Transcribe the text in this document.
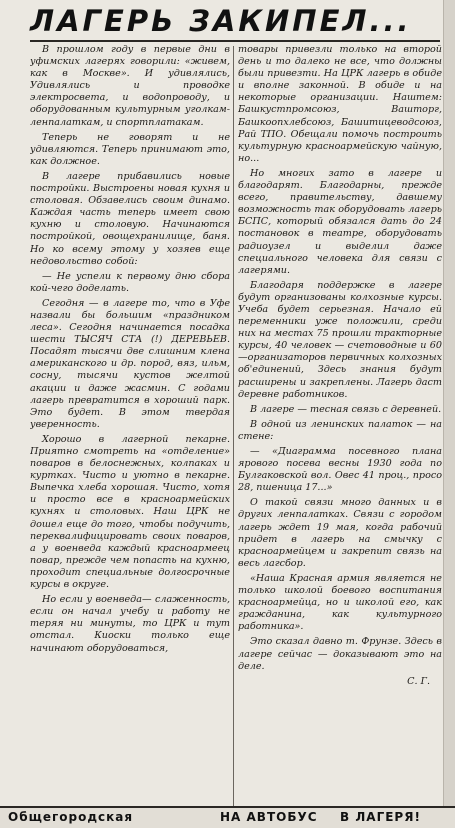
ЛАГЕРЬ ЗАКИПЕЛ...

В прошлом году в первые дни в уфимских лагерях говорили: «живем, как в Москве». И удивлялись, Удивлялись и проводке электросвета, и водопроводу, и оборудованным культурным уголкам-ленпалаткам, и спортплатакам.

Теперь не говорят и не удивляются. Теперь принимают это, как должное.

В лагере прибавились новые постройки. Выстроены новая кухня и столовая. Обзавелись своим динамо. Каждая часть теперь имеет свою кухню и столовую. Начинаются постройкой, овощехранилище, баня. Но ко всему этому у хозяев еще недовольство собой:

— Не успели к первому дню сбора кой-чего доделать.

Сегодня — в лагере то, что в Уфе назвали бы большим «праздником леса». Сегодня начинается посадка шести ТЫСЯЧ СТА (!) ДЕРЕВЬЕВ. Посадят тысячи две слишним клена американского и др. пород, вяз, ильм, сосну, тысячи кустов желтой акации и даже жасмин. С годами лагерь превратится в хороший парк. Это будет. В этом твердая уверенность.

Хорошо в лагерной пекарне. Приятно смотреть на «отделение» поваров в белоснежных, колпаках и куртках. Чисто и уютно в пекарне. Выпечка хлеба хорошая. Чисто, хотя и просто все в красноармейских кухнях и столовых. Наш ЦРК не дошел еще до того, чтобы подучить, переквалифицировать своих поваров, а у военведа каждый красноармеец повар, прежде чем попасть на кухню, проходит специальные долгосрочные курсы в округе.

Но если у военведа— слаженность, если он начал учебу и работу не теряя ни минуты, то ЦРК и тут отстал. Киоски только еще начинают оборудоваться,

товары привезли только на второй день и то далеко не все, что должны были привезти. На ЦРК лагерь в обиде и вполне законной. В обиде и на некоторые организации. Наштем: Башкустпромсоюз, Вашторг, Башкоопхлебсоюз, Башитицеводсоюз, Рай ТПО. Обещали помочь построить культурную красноармейскую чайную, но...

Но многих зато в лагере и благодарят. Благодарны, прежде всего, правительству, давшему возможность так оборудовать лагерь БСПС, который обязался дать до 24 постановок в театре, оборудовать радиоузел и выделил даже специального человека для связи с лагерями.

Благодаря поддержке в лагере будут организованы колхозные курсы. Учеба будет серьезная. Начало ей переменники уже положили, среди них на местах 75 прошли тракторные курсы, 40 человек — счетоводные и 60—организаторов первичных колхозных об'единений, Здесь знания будут расширены и закреплены. Лагерь даст деревне работников.

В лагере — тесная связь с деревней.

В одной из ленинских палаток — на стене:

— «Диаграмма посевного плана ярового посева весны 1930 года по Булгаковской вол. Овес 41 проц., просо 28, пшеница 17...»

О такой связи много данных и в других ленпалатках. Связи с городом лагерь ждет 19 мая, когда рабочий придет в лагерь на смычку с красноармейцем и закрепит связь на весь лагсбор.

«Наша Красная армия является не только школой боевого воспитания красноармейца, но и школой его, как гражданина, как культурного работника».

Это сказал давно т. Фрунзе. Здесь в лагере сейчас — доказывают это на деле.

С. Г.

Общегородская	НА АВТОБУС В ЛАГЕРЯ!
